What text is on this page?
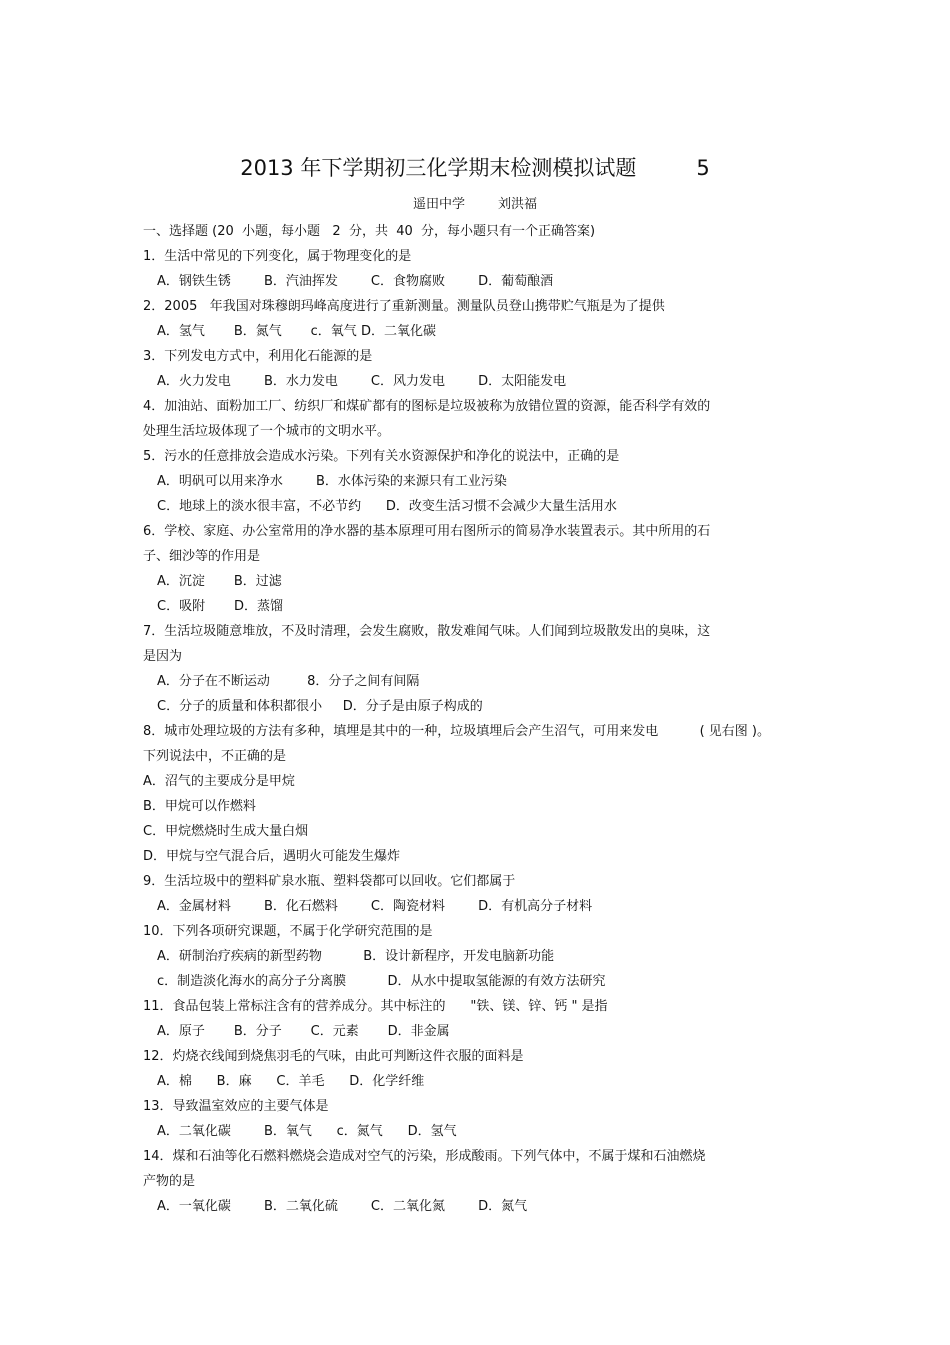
2013 年下学期初三化学期末检测模拟试题         5
遥田中学        刘洪福
一、选择题 (20  小题，每小题   2  分，共  40  分，每小题只有一个正确答案)
1．生活中常见的下列变化，属于物理变化的是
A．钢铁生锈        B．汽油挥发        C．食物腐败        D．葡萄酿酒
2．2005   年我国对珠穆朗玛峰高度进行了重新测量。测量队员登山携带贮气瓶是为了提供
A．氢气       B．氮气       c．氧气 D．二氧化碳
3．下列发电方式中，利用化石能源的是
A．火力发电        B．水力发电        C．风力发电        D．太阳能发电
4．加油站、面粉加工厂、纺织厂和煤矿都有的图标是垃圾被称为放错位置的资源，能否科学有效的
处理生活垃圾体现了一个城市的文明水平。
5．污水的任意排放会造成水污染。下列有关水资源保护和净化的说法中，正确的是
A．明矾可以用来净水        B．水体污染的来源只有工业污染
C．地球上的淡水很丰富，不必节约      D．改变生活习惯不会减少大量生活用水
6．学校、家庭、办公室常用的净水器的基本原理可用右图所示的简易净水装置表示。其中所用的石
子、细沙等的作用是
A．沉淀       B．过滤
C．吸附       D．蒸馏
7．生活垃圾随意堆放，不及时清理，会发生腐败，散发难闻气味。人们闻到垃圾散发出的臭味，这
是因为
A．分子在不断运动         8．分子之间有间隔
C．分子的质量和体积都很小     D．分子是由原子构成的
8．城市处理垃圾的方法有多种，填埋是其中的一种，垃圾填埋后会产生沼气，可用来发电          ( 见右图 )。
下列说法中，不正确的是
A．沼气的主要成分是甲烷
B．甲烷可以作燃料
C．甲烷燃烧时生成大量白烟
D．甲烷与空气混合后，遇明火可能发生爆炸
9．生活垃圾中的塑料矿泉水瓶、塑料袋都可以回收。它们都属于
A．金属材料        B．化石燃料        C．陶瓷材料        D．有机高分子材料
10．下列各项研究课题，不属于化学研究范围的是
A．研制治疗疾病的新型药物          B．设计新程序，开发电脑新功能
c．制造淡化海水的高分子分离膜          D．从水中提取氢能源的有效方法研究
11．食品包装上常标注含有的营养成分。其中标注的      "铁、镁、锌、钙 " 是指
A．原子       B．分子       C．元素       D．非金属
12．灼烧衣线闻到烧焦羽毛的气味，由此可判断这件衣服的面料是
A．棉      B．麻      C．羊毛      D．化学纤维
13．导致温室效应的主要气体是
A．二氧化碳        B．氧气      c．氮气      D．氢气
14．煤和石油等化石燃料燃烧会造成对空气的污染，形成酸雨。下列气体中，不属于煤和石油燃烧
产物的是
A．一氧化碳        B．二氧化硫        C．二氧化氮        D．氮气
